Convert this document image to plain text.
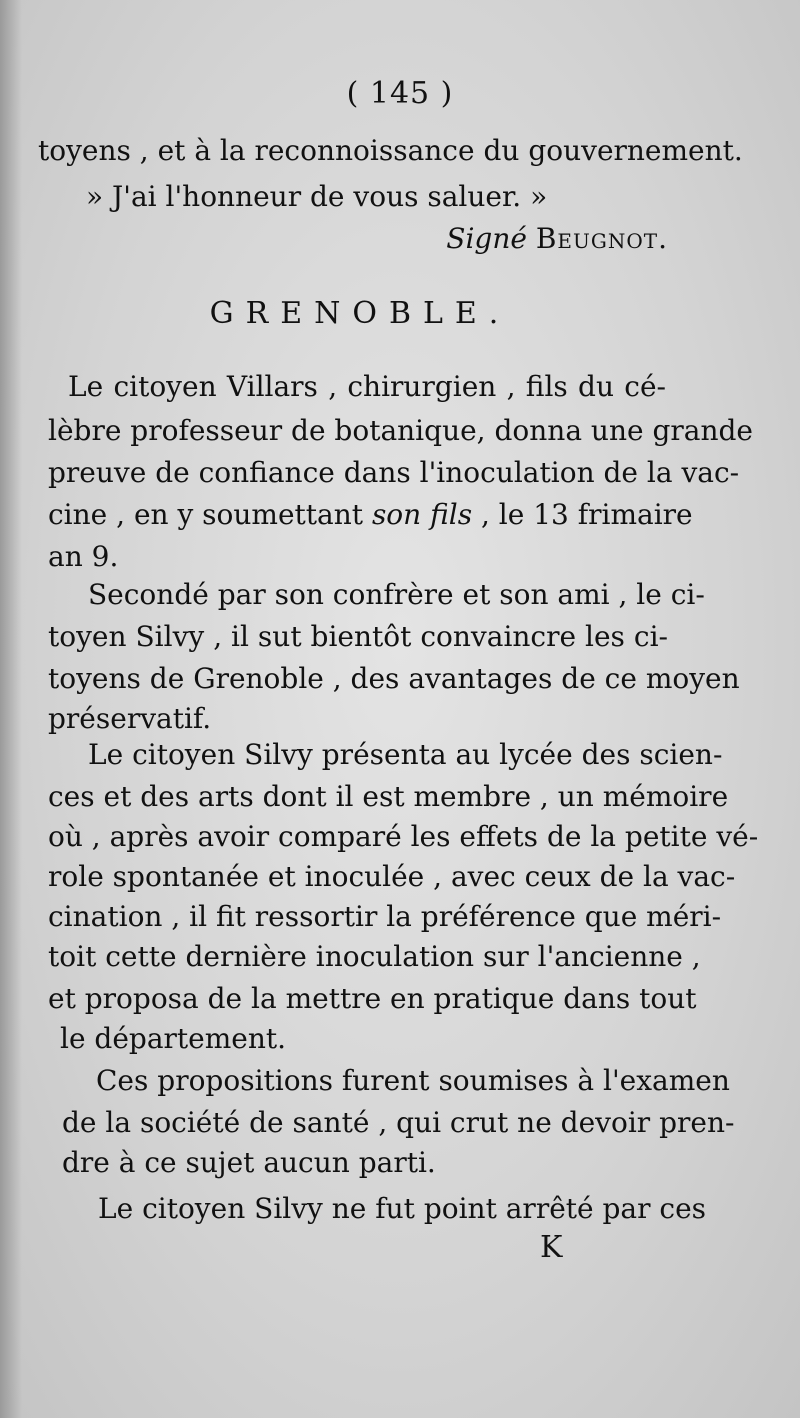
( 145 )
toyens , et à la reconnoissance du gouvernement.
» J'ai l'honneur de vous saluer. »
Signé Beugnot.
GRENOBLE.
Le citoyen Villars , chirurgien , fils du cé-
lèbre professeur de botanique, donna une grande
preuve de confiance dans l'inoculation de la vac-
cine , en y soumettant son fils , le 13 frimaire
an 9.
Secondé par son confrère et son ami , le ci-
toyen Silvy , il sut bientôt convaincre les ci-
toyens de Grenoble , des avantages de ce moyen
préservatif.
Le citoyen Silvy présenta au lycée des scien-
ces et des arts dont il est membre , un mémoire
où , après avoir comparé les effets de la petite vé-
role spontanée et inoculée , avec ceux de la vac-
cination , il fit ressortir la préférence que méri-
toit cette dernière inoculation sur l'ancienne ,
et proposa de la mettre en pratique dans tout
le département.
Ces propositions furent soumises à l'examen
de la société de santé , qui crut ne devoir pren-
dre à ce sujet aucun parti.
Le citoyen Silvy ne fut point arrêté par ces
K
